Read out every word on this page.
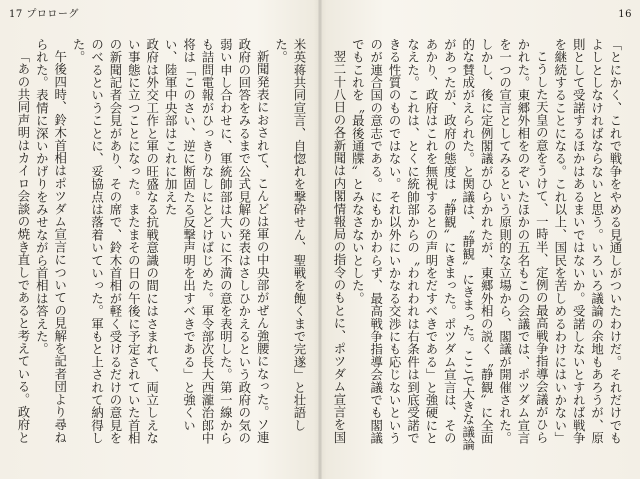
17 プロローグ

米英蒋共同宣言、自惚れを撃砕せん、聖戦を飽くまで完遂」と壮語した。

新聞発表におされて、こんどは軍の中央部がぜん強腰になった。ソ連政府の回答をみるまで公式見解の発表はさしひかえるという政府の気の弱い申し合わせに、軍統帥部は大いに不満の意を表明した。第一線からも詰問電報がひっきりなしにとどけばじめた。軍令部次長大西瀧治郎中将は「このさい、逆に断固たる反撃声明を出すべきである」と強くいい、陸軍中央部はこれに加えた

政府は外交工作と軍の旺盛なる抗戦意識の間にはさまれて、両立しえない事態に立つことになった。またまその日の午後に予定されていた首相の新聞記者会見があり、その席で、鈴木首相が軽く受けるだけの意見をのべるということに、妥協点は落着いていった。軍もと上されて納得した。

午後四時、鈴木首相はポツダム宣言についての見解を記者団より尋ねられた。表情に深いかげりをみせながら首相は答えた。

「あの共同声明はカイロ会談の焼き直しであると考えている。政府と

16

「とにかく、これで戦争をやめる見通しがついたわけだ。それだけでもよしとしなければならないと思う。いろいろ議論の余地もあろうが、原則として受諾するほかはあるまいではないか。受諾しないとすれば戦争を継続することになる。これ以上、国民を苦しめるわけにはいかない」

こうした天皇の意をうけて、一時半、定例の最高戦争指導会議がひらかれた。東郷外相をのぞいたほかの五名もこの会議では、ポツダム宣言を一つの宣言としてみるという原則的な立場から、閣議が開催された。しかし、後に定例閣議がひらかれたが、東郷外相の説く〝静観〟に全面的な賛成がえられた。と関議は、〝静観〟にきまった。ここで大きな議論があったが、政府の態度は〝静観〟にきまった。ポツダム宣言は、そのあかり、政府はこれを無視するとの声明をだすべきである」と強硬にとなえた。これは、とくに統帥部からの〝われわれは右条件は到底受諾できる性質のものではない。それ以外にいかなる交渉にも応じないというのが連合国の意志である。にもかかわらず、最高戦争指導会議でも閣議でもこれを〝最後通牒〟とみなさないとした。

翌二十八日の各新聞は内閣情報局の指令のもとに、ポツダム宣言を国
